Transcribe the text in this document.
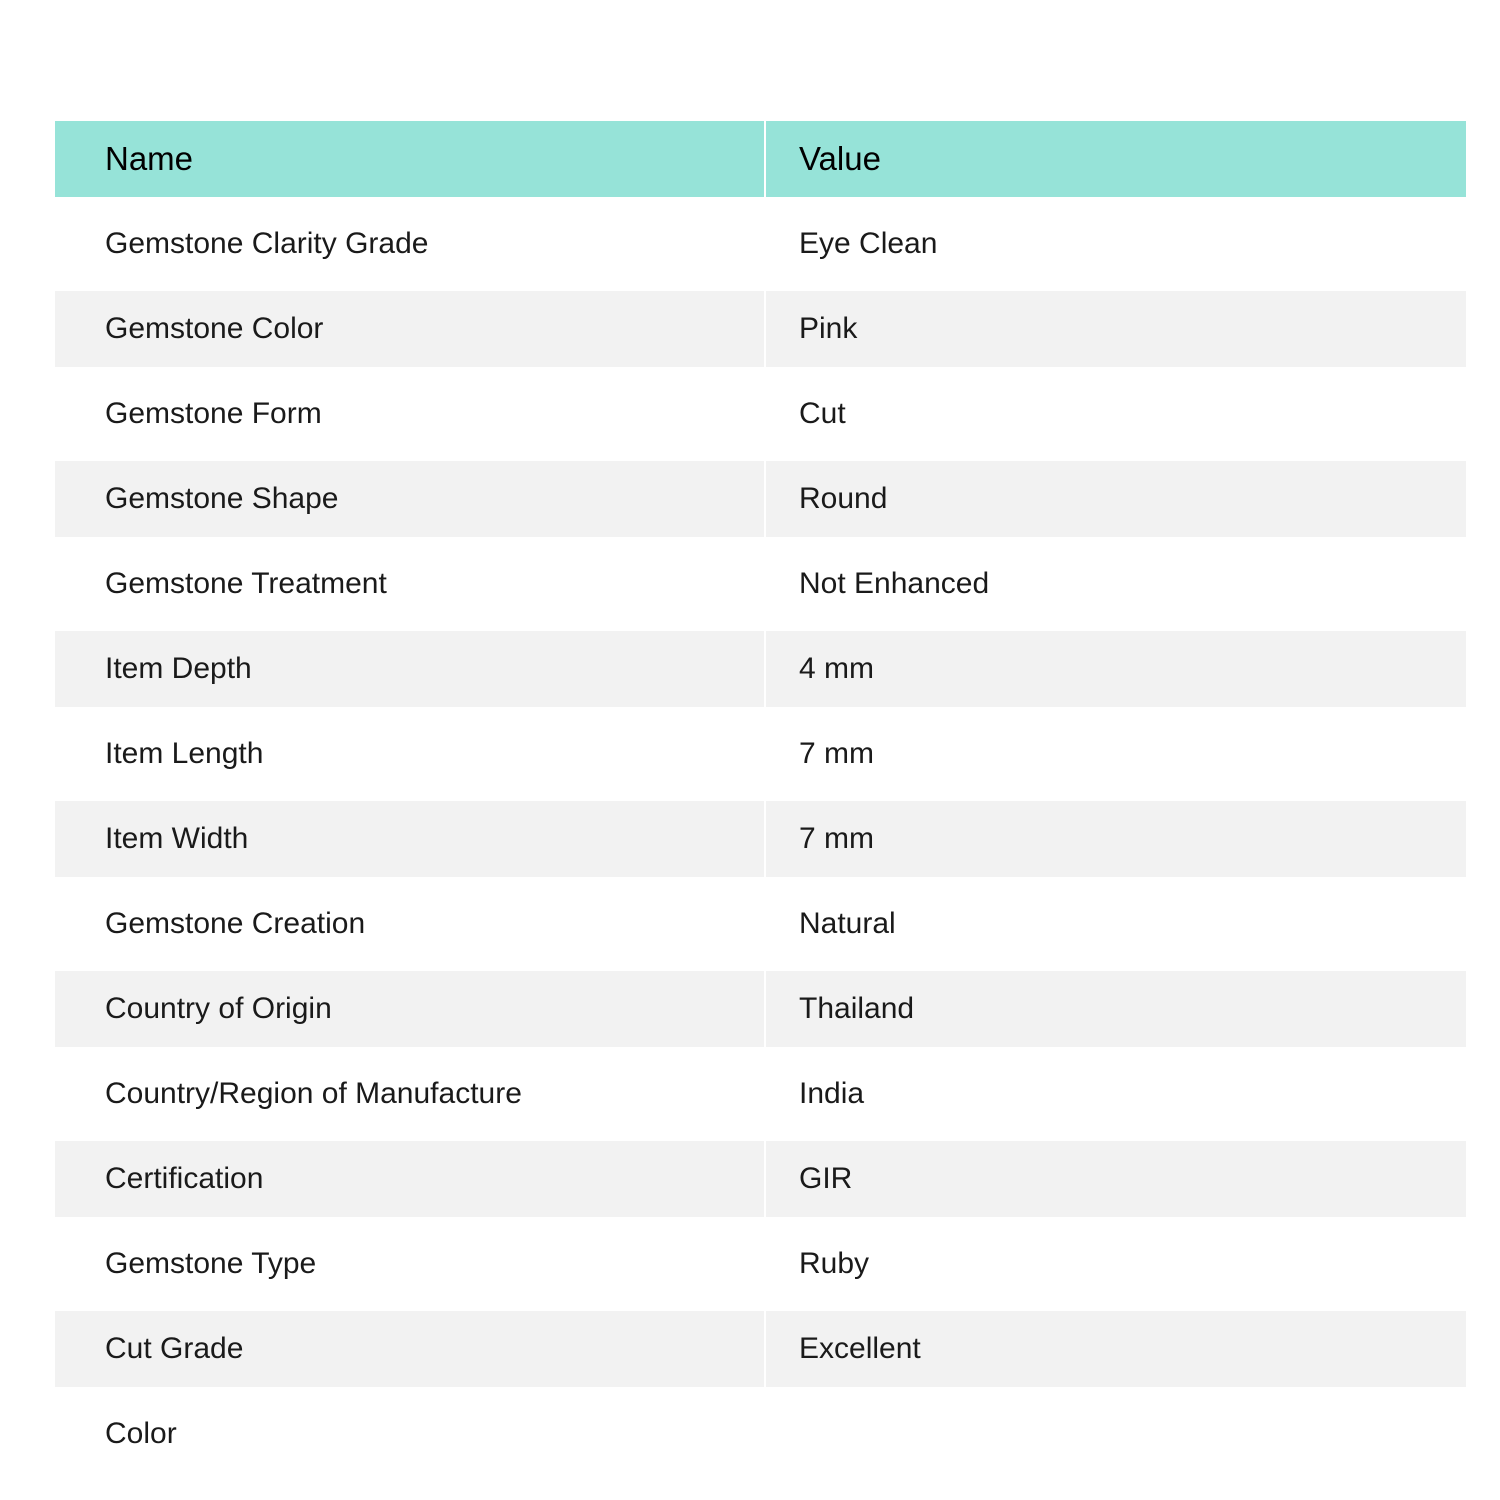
Name	Value

Gemstone Clarity Grade	Eye Clean

Gemstone Color	Pink

Gemstone Form	Cut

Gemstone Shape	Round

Gemstone Treatment	Not Enhanced

Item Depth	4 mm

Item Length	7 mm

Item Width	7 mm

Gemstone Creation	Natural

Country of Origin	Thailand

Country/Region of Manufacture	India

Certification	GIR

Gemstone Type	Ruby

Cut Grade	Excellent

Color	
